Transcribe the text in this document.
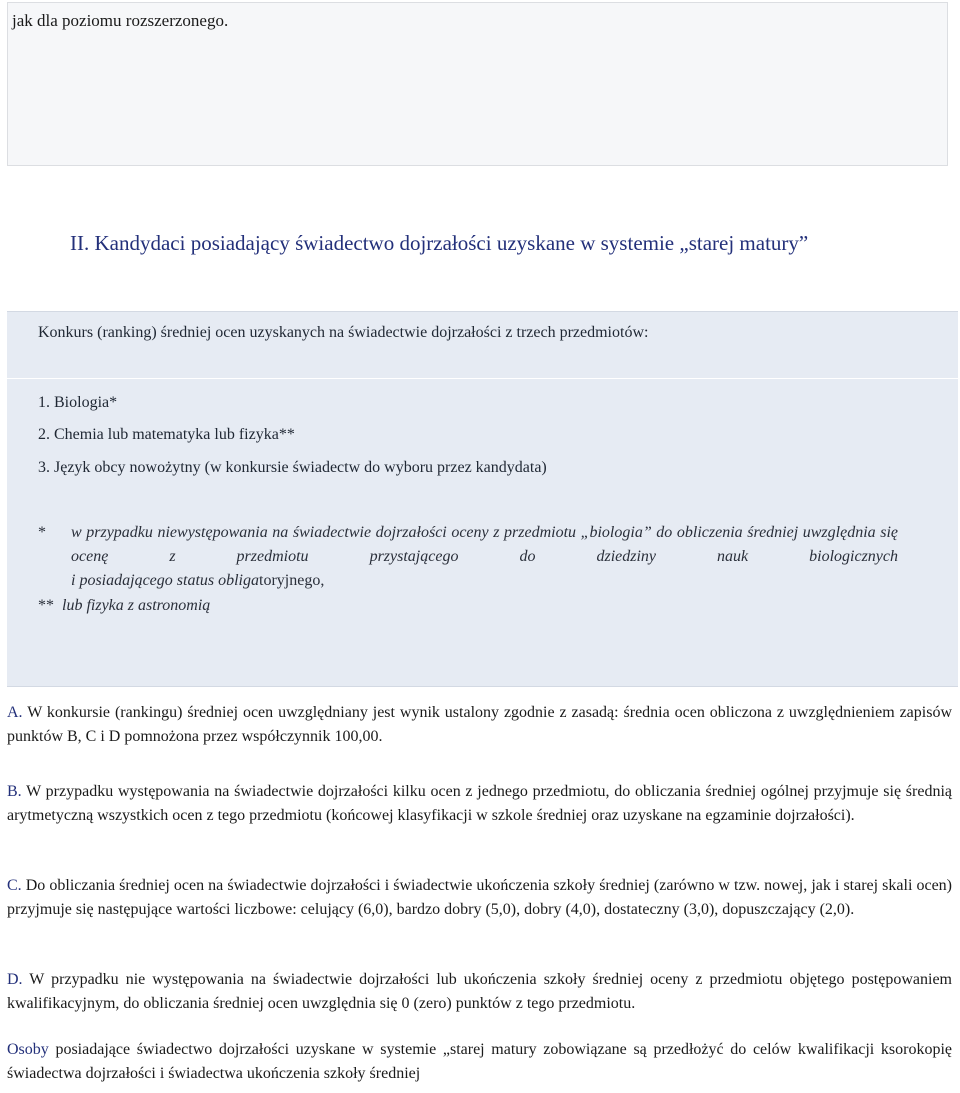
jak dla poziomu rozszerzonego.
II. Kandydaci posiadający świadectwo dojrzałości uzyskane w systemie „starej matury”
Konkurs (ranking) średniej ocen uzyskanych na świadectwie dojrzałości z trzech przedmiotów:
1. Biologia*
2. Chemia lub matematyka lub fizyka**
3. Język obcy nowożytny (w konkursie świadectw do wyboru przez kandydata)
* w przypadku niewystępowania na świadectwie dojrzałości oceny z przedmiotu „biologia” do obliczenia średniej uwzględnia się ocenę z przedmiotu przystającego do dziedziny nauk biologicznych
i posiadającego status obligatoryjnego,
** lub fizyka z astronomią

A. W konkursie (rankingu) średniej ocen uwzględniany jest wynik ustalony zgodnie z zasadą: średnia ocen obliczona z uwzględnieniem zapisów punktów B, C i D pomnożona przez współczynnik 100,00.

B. W przypadku występowania na świadectwie dojrzałości kilku ocen z jednego przedmiotu, do obliczania średniej ogólnej przyjmuje się średnią arytmetyczną wszystkich ocen z tego przedmiotu (końcowej klasyfikacji w szkole średniej oraz uzyskane na egzaminie dojrzałości).

C. Do obliczania średniej ocen na świadectwie dojrzałości i świadectwie ukończenia szkoły średniej (zarówno w tzw. nowej, jak i starej skali ocen) przyjmuje się następujące wartości liczbowe: celujący (6,0), bardzo dobry (5,0), dobry (4,0), dostateczny (3,0), dopuszczający (2,0).

D. W przypadku nie występowania na świadectwie dojrzałości lub ukończenia szkoły średniej oceny z przedmiotu objętego postępowaniem kwalifikacyjnym, do obliczania średniej ocen uwzględnia się 0 (zero) punktów z tego przedmiotu.

Osoby posiadające świadectwo dojrzałości uzyskane w systemie „starej matury zobowiązane są przedłożyć do celów kwalifikacji ksorokopię świadectwa dojrzałości i świadectwa ukończenia szkoły średniej
